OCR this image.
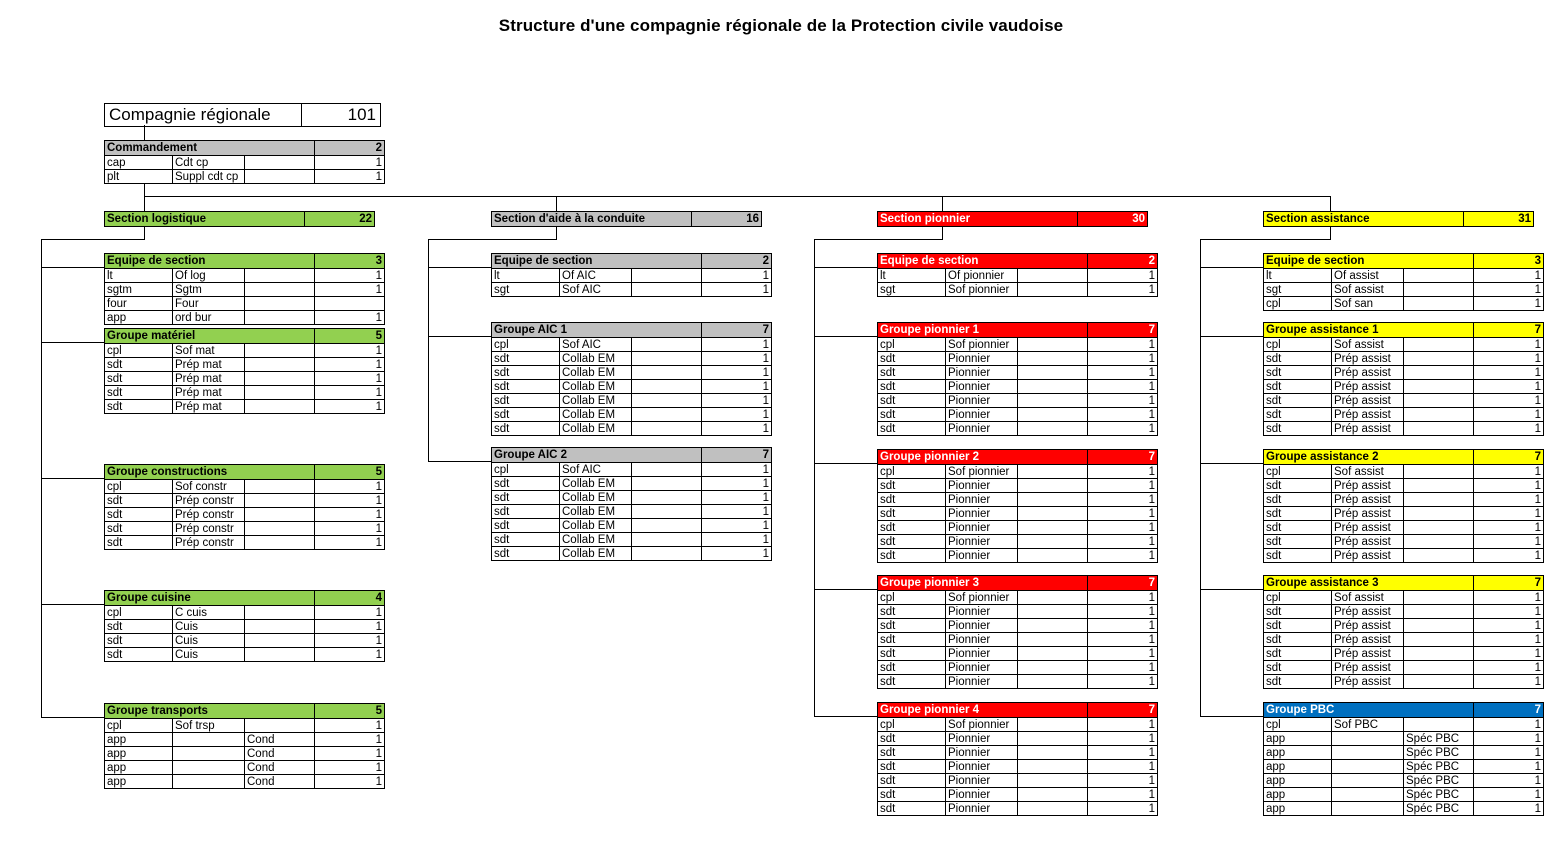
Structure d'une compagnie régionale de la Protection civile vaudoise
Compagnie régionale	101
Commandement			2
cap	Cdt cp		1
plt	Suppl cdt cp		1
Section logistique	22
Equipe de section			3
lt	Of log		1
sgtm	Sgtm		1
four	Four		
app	ord bur		1
Groupe matériel			5
cpl	Sof mat		1
sdt	Prép mat		1
sdt	Prép mat		1
sdt	Prép mat		1
sdt	Prép mat		1
Groupe constructions			5
cpl	Sof constr		1
sdt	Prép constr		1
sdt	Prép constr		1
sdt	Prép constr		1
sdt	Prép constr		1
Groupe cuisine			4
cpl	C cuis		1
sdt	Cuis		1
sdt	Cuis		1
sdt	Cuis		1
Groupe transports			5
cpl	Sof trsp		1
app		Cond	1
app		Cond	1
app		Cond	1
app		Cond	1
Section d'aide à la conduite	16
Equipe de section			2
lt	Of AIC		1
sgt	Sof AIC		1
Groupe AIC 1			7
cpl	Sof AIC		1
sdt	Collab EM		1
sdt	Collab EM		1
sdt	Collab EM		1
sdt	Collab EM		1
sdt	Collab EM		1
sdt	Collab EM		1
Groupe AIC 2			7
cpl	Sof AIC		1
sdt	Collab EM		1
sdt	Collab EM		1
sdt	Collab EM		1
sdt	Collab EM		1
sdt	Collab EM		1
sdt	Collab EM		1
Section pionnier	30
Equipe de section			2
lt	Of pionnier		1
sgt	Sof pionnier		1
Groupe pionnier 1			7
cpl	Sof pionnier		1
sdt	Pionnier		1
sdt	Pionnier		1
sdt	Pionnier		1
sdt	Pionnier		1
sdt	Pionnier		1
sdt	Pionnier		1
Groupe pionnier 2			7
cpl	Sof pionnier		1
sdt	Pionnier		1
sdt	Pionnier		1
sdt	Pionnier		1
sdt	Pionnier		1
sdt	Pionnier		1
sdt	Pionnier		1
Groupe pionnier 3			7
cpl	Sof pionnier		1
sdt	Pionnier		1
sdt	Pionnier		1
sdt	Pionnier		1
sdt	Pionnier		1
sdt	Pionnier		1
sdt	Pionnier		1
Groupe pionnier 4			7
cpl	Sof pionnier		1
sdt	Pionnier		1
sdt	Pionnier		1
sdt	Pionnier		1
sdt	Pionnier		1
sdt	Pionnier		1
sdt	Pionnier		1
Section assistance	31
Equipe de section			3
lt	Of assist		1
sgt	Sof assist		1
cpl	Sof san		1
Groupe assistance 1			7
cpl	Sof assist		1
sdt	Prép assist		1
sdt	Prép assist		1
sdt	Prép assist		1
sdt	Prép assist		1
sdt	Prép assist		1
sdt	Prép assist		1
Groupe assistance 2			7
cpl	Sof assist		1
sdt	Prép assist		1
sdt	Prép assist		1
sdt	Prép assist		1
sdt	Prép assist		1
sdt	Prép assist		1
sdt	Prép assist		1
Groupe assistance 3			7
cpl	Sof assist		1
sdt	Prép assist		1
sdt	Prép assist		1
sdt	Prép assist		1
sdt	Prép assist		1
sdt	Prép assist		1
sdt	Prép assist		1
Groupe PBC			7
cpl	Sof PBC		1
app		Spéc PBC	1
app		Spéc PBC	1
app		Spéc PBC	1
app		Spéc PBC	1
app		Spéc PBC	1
app		Spéc PBC	1
